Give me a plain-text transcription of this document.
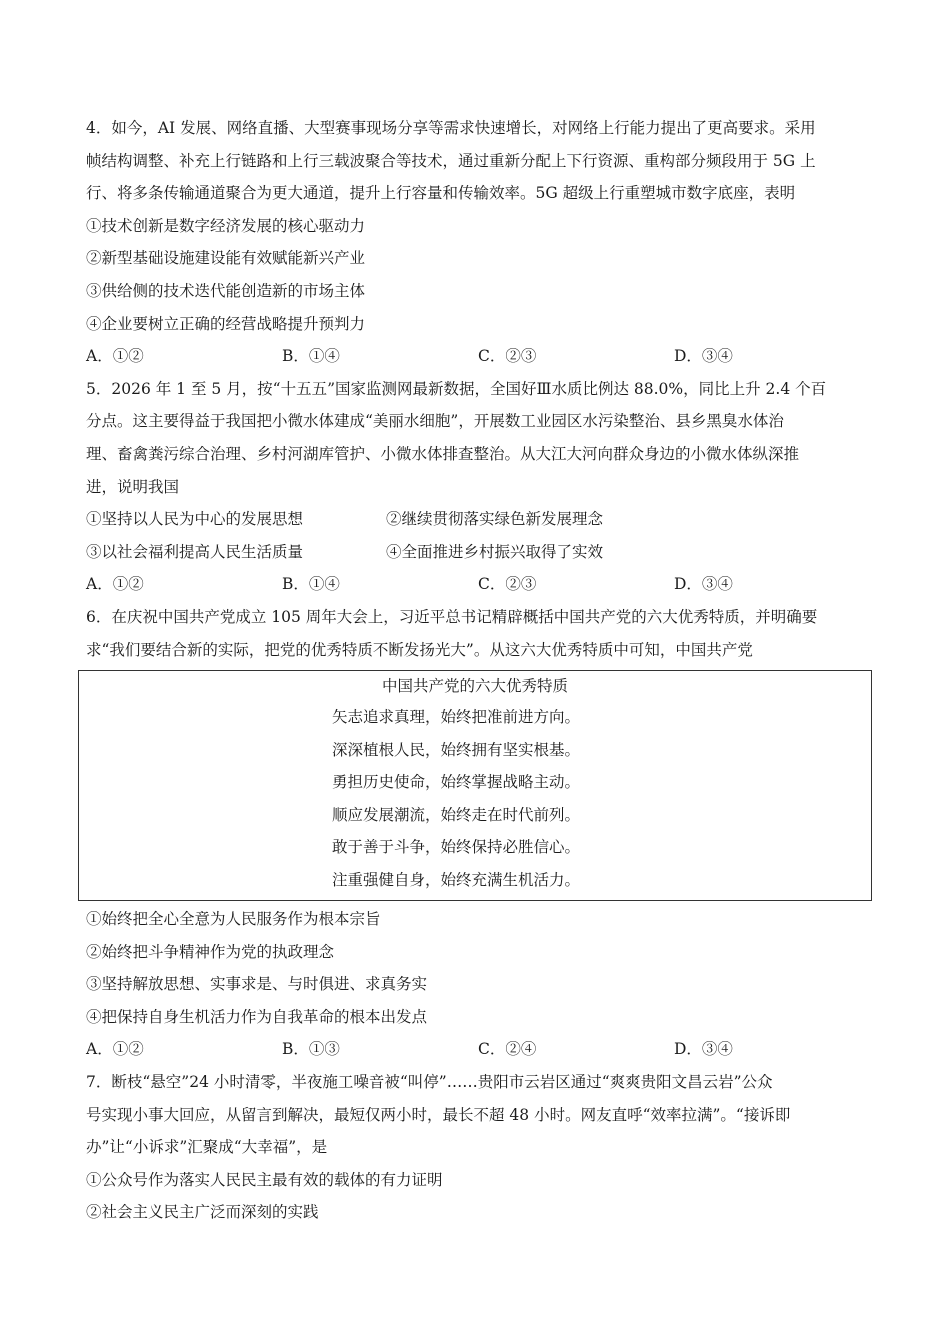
4．如今，AI 发展、网络直播、大型赛事现场分享等需求快速增长，对网络上行能力提出了更高要求。采用
帧结构调整、补充上行链路和上行三载波聚合等技术，通过重新分配上下行资源、重构部分频段用于 5G 上
行、将多条传输通道聚合为更大通道，提升上行容量和传输效率。5G 超级上行重塑城市数字底座，表明
①技术创新是数字经济发展的核心驱动力
②新型基础设施建设能有效赋能新兴产业
③供给侧的技术迭代能创造新的市场主体
④企业要树立正确的经营战略提升预判力
A．①②	B．①④	C．②③	D．③④
5．2026 年 1 至 5 月，按“十五五”国家监测网最新数据，全国好Ⅲ水质比例达 88.0%，同比上升 2.4 个百
分点。这主要得益于我国把小微水体建成“美丽水细胞”，开展数工业园区水污染整治、县乡黑臭水体治
理、畜禽粪污综合治理、乡村河湖库管护、小微水体排查整治。从大江大河向群众身边的小微水体纵深推
进，说明我国
①坚持以人民为中心的发展思想	②继续贯彻落实绿色新发展理念
③以社会福利提高人民生活质量	④全面推进乡村振兴取得了实效
A．①②	B．①④	C．②③	D．③④
6．在庆祝中国共产党成立 105 周年大会上，习近平总书记精辟概括中国共产党的六大优秀特质，并明确要
求“我们要结合新的实际，把党的优秀特质不断发扬光大”。从这六大优秀特质中可知，中国共产党
中国共产党的六大优秀特质
矢志追求真理，始终把准前进方向。
深深植根人民，始终拥有坚实根基。
勇担历史使命，始终掌握战略主动。
顺应发展潮流，始终走在时代前列。
敢于善于斗争，始终保持必胜信心。
注重强健自身，始终充满生机活力。
①始终把全心全意为人民服务作为根本宗旨
②始终把斗争精神作为党的执政理念
③坚持解放思想、实事求是、与时俱进、求真务实
④把保持自身生机活力作为自我革命的根本出发点
A．①②	B．①③	C．②④	D．③④
7．断枝“悬空”24 小时清零，半夜施工噪音被“叫停”……贵阳市云岩区通过“爽爽贵阳文昌云岩”公众
号实现小事大回应，从留言到解决，最短仅两小时，最长不超 48 小时。网友直呼“效率拉满”。“接诉即
办”让“小诉求”汇聚成“大幸福”，是
①公众号作为落实人民民主最有效的载体的有力证明
②社会主义民主广泛而深刻的实践
